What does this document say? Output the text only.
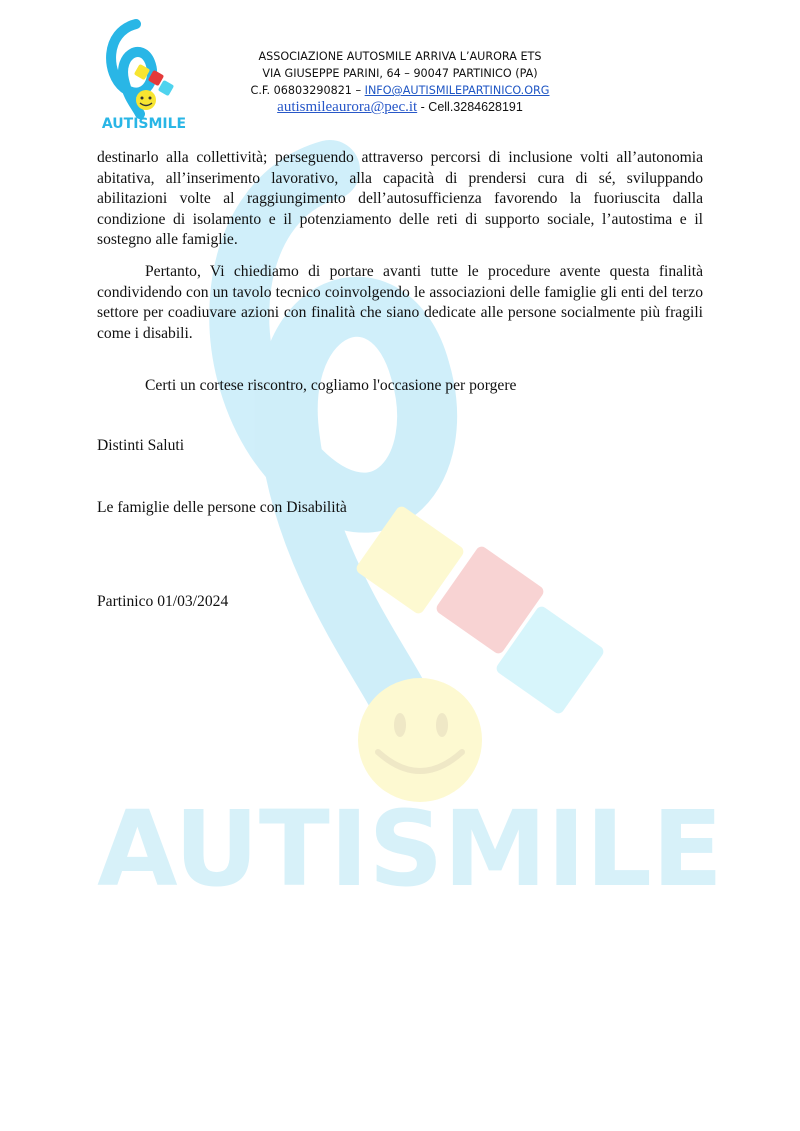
AUTISMILE
AUTISMILE
ASSOCIAZIONE AUTOSMILE ARRIVA L’AURORA ETS
VIA GIUSEPPE PARINI, 64 – 90047 PARTINICO (PA)
C.F. 06803290821 – INFO@AUTISMILEPARTINICO.ORG
autismileaurora@pec.it - Cell.3284628191
destinarlo alla collettività; perseguendo attraverso percorsi di inclusione volti all’autonomia abitativa, all’inserimento lavorativo, alla capacità di prendersi cura di sé, sviluppando abilitazioni volte al raggiungimento dell’autosufficienza favorendo la fuoriuscita dalla condizione di isolamento e il potenziamento delle reti di supporto sociale, l’autostima e il sostegno alle famiglie.
Pertanto, Vi chiediamo di portare avanti tutte le procedure avente questa finalità condividendo con un tavolo tecnico coinvolgendo le associazioni delle famiglie gli enti del terzo settore per coadiuvare azioni con finalità che siano dedicate alle persone socialmente più fragili come i disabili.
Certi un cortese riscontro, cogliamo l'occasione per porgere
Distinti Saluti
Le famiglie delle persone con Disabilità
Partinico 01/03/2024
